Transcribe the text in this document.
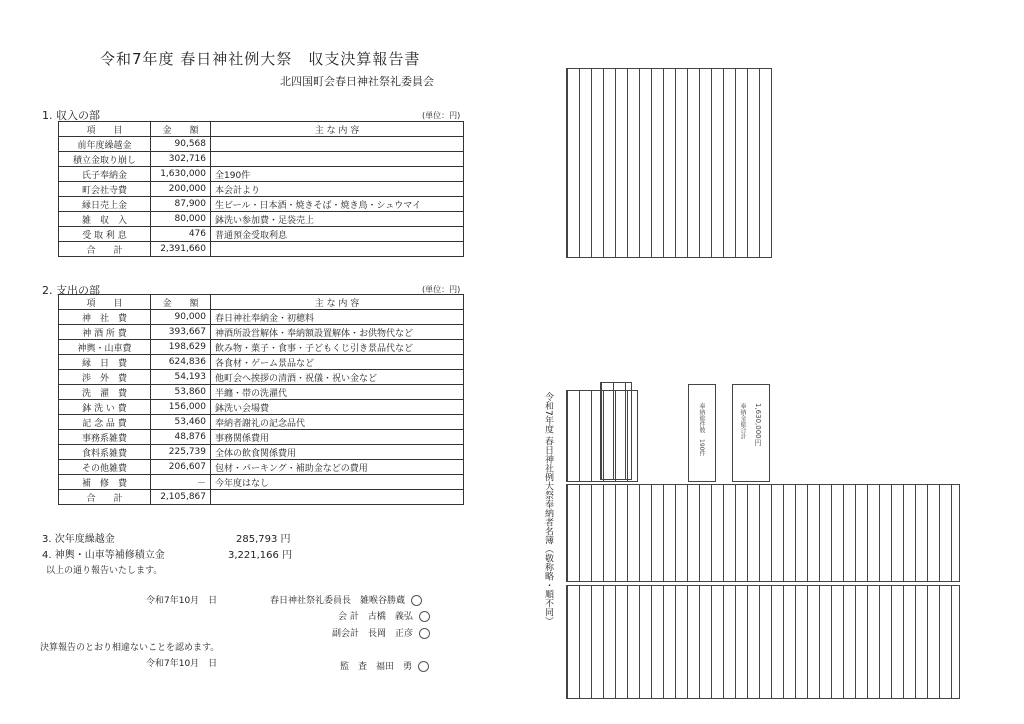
令和7年度 春日神社例大祭　収支決算報告書
北四国町会春日神社祭礼委員会
1. 収入の部	(単位：円)
項　　目	金　　額	主 な 内 容
前年度繰越金	90,568	
積立金取り崩し	302,716	
氏子奉納金	1,630,000	全190件
町会社寺費	200,000	本会計より
縁日売上金	87,900	生ビール・日本酒・焼きそば・焼き鳥・シュウマイ
雑　収　入	80,000	鉢洗い参加費・足袋売上
受 取 利 息	476	普通預金受取利息
合　　計	2,391,660	
2. 支出の部	(単位：円)
項　　目	金　　額	主 な 内 容
神　社　費	90,000	春日神社奉納金・初穂料
神 酒 所 費	393,667	神酒所設営解体・奉納額設置解体・お供物代など
神輿・山車費	198,629	飲み物・菓子・食事・子どもくじ引き景品代など
縁　日　費	624,836	各食材・ゲーム景品など
渉　外　費	54,193	他町会へ挨拶の清酒・祝儀・祝い金など
洗　濯　費	53,860	半纏・帯の洗濯代
鉢 洗 い 費	156,000	鉢洗い会場費
記 念 品 費	53,460	奉納者謝礼の記念品代
事務系雑費	48,876	事務関係費用
食料系雑費	225,739	全体の飲食関係費用
その他雑費	206,607	包材・パーキング・補助金などの費用
補　修　費	－	今年度はなし
合　　計	2,105,867	
3. 次年度繰越金	285,793 円
4. 神輿・山車等補修積立金	3,221,166 円
以上の通り報告いたします。
令和7年10月　日	春日神社祭礼委員長　雑喉谷勝蔵
会 計　古橋　義弘
副会計　長岡　正彦
決算報告のとおり相違ないことを認めます。
令和7年10月　日	監　査　福田　勇
令和7年度 春日神社例大祭奉納者名簿（敬称略・順不同）	奉納総件数　190件	奉納金総合計 1,630,000円
